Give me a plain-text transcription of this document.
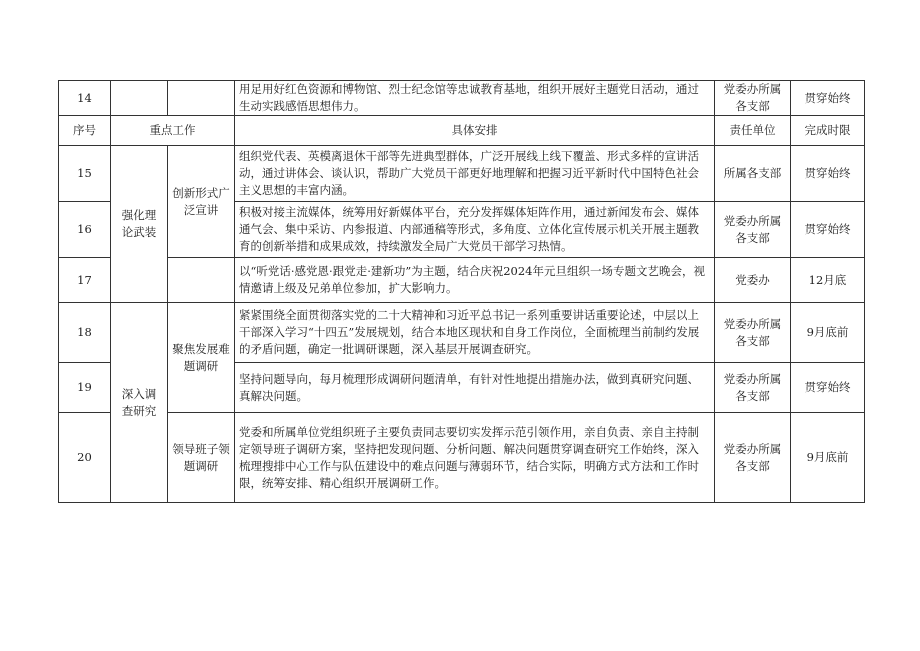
14			用足用好红色资源和博物馆、烈士纪念馆等忠诚教育基地，组织开展好主题党日活动，通过生动实践感悟思想伟力。	党委办所属各支部	贯穿始终
序号	重点工作		具体安排	责任单位	完成时限
15	强化理论武装	创新形式广泛宣讲	组织党代表、英模离退休干部等先进典型群体，广泛开展线上线下覆盖、形式多样的宣讲活动，通过讲体会、谈认识，帮助广大党员干部更好地理解和把握习近平新时代中国特色社会主义思想的丰富内涵。	所属各支部	贯穿始终
16			积极对接主流媒体，统筹用好新媒体平台，充分发挥媒体矩阵作用，通过新闻发布会、媒体通气会、集中采访、内参报道、内部通稿等形式，多角度、立体化宣传展示机关开展主题教育的创新举措和成果成效，持续激发全局广大党员干部学习热情。	党委办所属各支部	贯穿始终
17			以“听党话·感党恩·跟党走·建新功”为主题，结合庆祝2024年元旦组织一场专题文艺晚会，视情邀请上级及兄弟单位参加，扩大影响力。	党委办	12月底
18	深入调查研究	聚焦发展难题调研	紧紧围绕全面贯彻落实党的二十大精神和习近平总书记一系列重要讲话重要论述，中层以上干部深入学习“十四五”发展规划，结合本地区现状和自身工作岗位，全面梳理当前制约发展的矛盾问题，确定一批调研课题，深入基层开展调查研究。	党委办所属各支部	9月底前
19			坚持问题导向，每月梳理形成调研问题清单，有针对性地提出措施办法，做到真研究问题、真解决问题。	党委办所属各支部	贯穿始终
20		领导班子领题调研	党委和所属单位党组织班子主要负责同志要切实发挥示范引领作用，亲自负责、亲自主持制定领导班子调研方案，坚持把发现问题、分析问题、解决问题贯穿调查研究工作始终，深入梳理搜排中心工作与队伍建设中的难点问题与薄弱环节，结合实际，明确方式方法和工作时限，统筹安排、精心组织开展调研工作。	党委办所属各支部	9月底前
